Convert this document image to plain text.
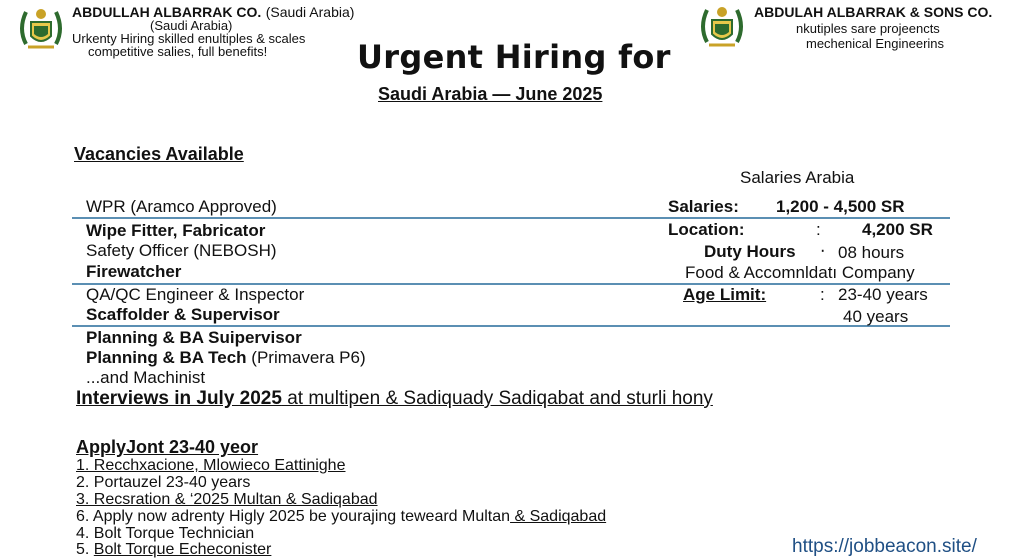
ABDULLAH ALBARRAK CO. (Saudi Arabia)
(Saudi Arabia)
Urkenty Hiring skilled enultiples & scales
competitive salies, full benefits!
ABDULAH ALBARRAK & SONS CO.
nkutiples sare projeencts
mechenical Engineerins
Urgent Hiring for
Saudi Arabia — June 2025
Vacancies Available
Salaries Arabia
WPR (Aramco Approved)
Wipe Fitter, Fabricator
Safety Officer (NEBOSH)
Firewatcher
QA/QC Engineer & Inspector
Scaffolder & Supervisor
Planning & BA Suipervisor
Planning & BA Tech (Primavera P6)
...and Machinist
Salaries: 1,200 - 4,500 SR
Location:	: 4,200 SR
Duty Hours ‧ 08 hours
Food & Accomnldatı Company
Age Limit:	: 23-40 years
40 years
Interviews in July 2025 at multipen & Sadiquady Sadiqabat and sturli hony
ApplyJont 23-40 yeor
1. Recchxacione, Mlowieco Eattinighe
2. Portauzel 23-40 years
3. Recsration & ‘2025 Multan & Sadiqabad
6. Apply now adrenty Higly 2025 be yourajing teweard Multan & Sadiqabad
4. Bolt Torque Technician
5. Bolt Torque Echeconister	https://jobbeacon.site/
